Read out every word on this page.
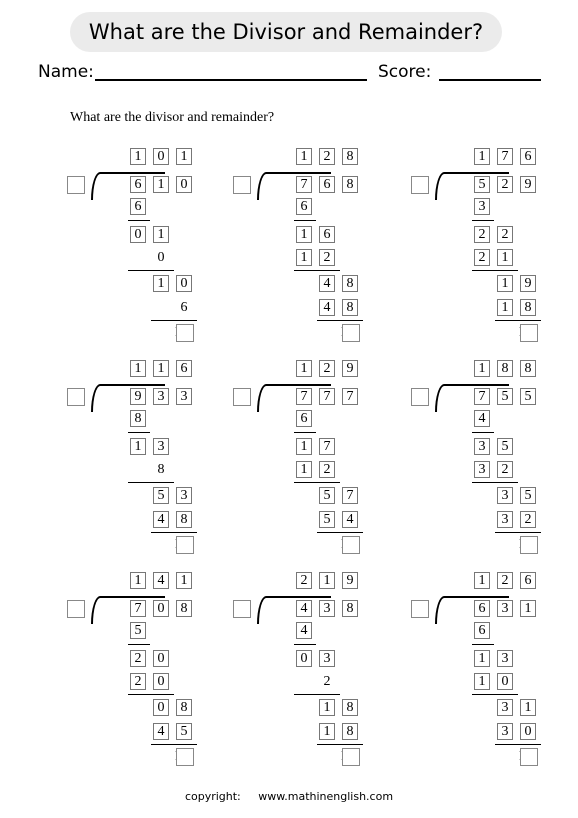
What are the Divisor and Remainder?
Name:	Score:
What are the divisor and remainder?
1	0	1
6	1	0
6
0	1
0
1	0
6
1	2	8
7	6	8
6
1	6
1	2
4	8
4	8
1	7	6
5	2	9
3
2	2
2	1
1	9
1	8
1	1	6
9	3	3
8
1	3
8
5	3
4	8
1	2	9
7	7	7
6
1	7
1	2
5	7
5	4
1	8	8
7	5	5
4
3	5
3	2
3	5
3	2
1	4	1
7	0	8
5
2	0
2	0
0	8
4	5
2	1	9
4	3	8
4
0	3
2
1	8
1	8
1	2	6
6	3	1
6
1	3
1	0
3	1
3	0
copyright: www.mathinenglish.com
